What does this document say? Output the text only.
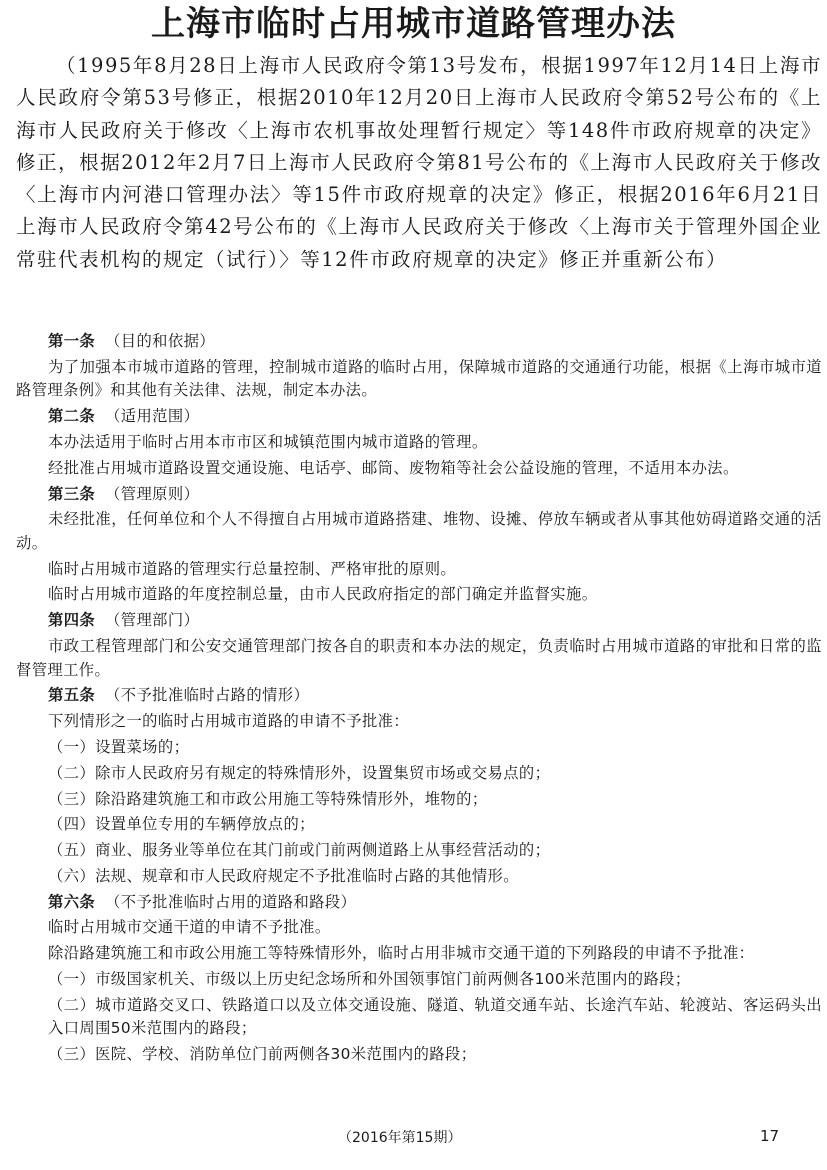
上海市临时占用城市道路管理办法

（1995年8月28日上海市人民政府令第13号发布，根据1997年12月14日上海市人民政府令第53号修正，根据2010年12月20日上海市人民政府令第52号公布的《上海市人民政府关于修改〈上海市农机事故处理暂行规定〉等148件市政府规章的决定》修正，根据2012年2月7日上海市人民政府令第81号公布的《上海市人民政府关于修改〈上海市内河港口管理办法〉等15件市政府规章的决定》修正，根据2016年6月21日上海市人民政府令第42号公布的《上海市人民政府关于修改〈上海市关于管理外国企业常驻代表机构的规定（试行）〉等12件市政府规章的决定》修正并重新公布）

第一条 （目的和依据）

为了加强本市城市道路的管理，控制城市道路的临时占用，保障城市道路的交通通行功能，根据《上海市城市道路管理条例》和其他有关法律、法规，制定本办法。

第二条 （适用范围）

本办法适用于临时占用本市市区和城镇范围内城市道路的管理。

经批准占用城市道路设置交通设施、电话亭、邮筒、废物箱等社会公益设施的管理，不适用本办法。

第三条 （管理原则）

未经批准，任何单位和个人不得擅自占用城市道路搭建、堆物、设摊、停放车辆或者从事其他妨碍道路交通的活动。

临时占用城市道路的管理实行总量控制、严格审批的原则。

临时占用城市道路的年度控制总量，由市人民政府指定的部门确定并监督实施。

第四条 （管理部门）

市政工程管理部门和公安交通管理部门按各自的职责和本办法的规定，负责临时占用城市道路的审批和日常的监督管理工作。

第五条 （不予批准临时占路的情形）

下列情形之一的临时占用城市道路的申请不予批准：

（一）设置菜场的；

（二）除市人民政府另有规定的特殊情形外，设置集贸市场或交易点的；

（三）除沿路建筑施工和市政公用施工等特殊情形外，堆物的；

（四）设置单位专用的车辆停放点的；

（五）商业、服务业等单位在其门前或门前两侧道路上从事经营活动的；

（六）法规、规章和市人民政府规定不予批准临时占路的其他情形。

第六条 （不予批准临时占用的道路和路段）

临时占用城市交通干道的申请不予批准。

除沿路建筑施工和市政公用施工等特殊情形外，临时占用非城市交通干道的下列路段的申请不予批准：

（一）市级国家机关、市级以上历史纪念场所和外国领事馆门前两侧各100米范围内的路段；

（二）城市道路交叉口、铁路道口以及立体交通设施、隧道、轨道交通车站、长途汽车站、轮渡站、客运码头出入口周围50米范围内的路段；

（三）医院、学校、消防单位门前两侧各30米范围内的路段；

（2016年第15期）	17
